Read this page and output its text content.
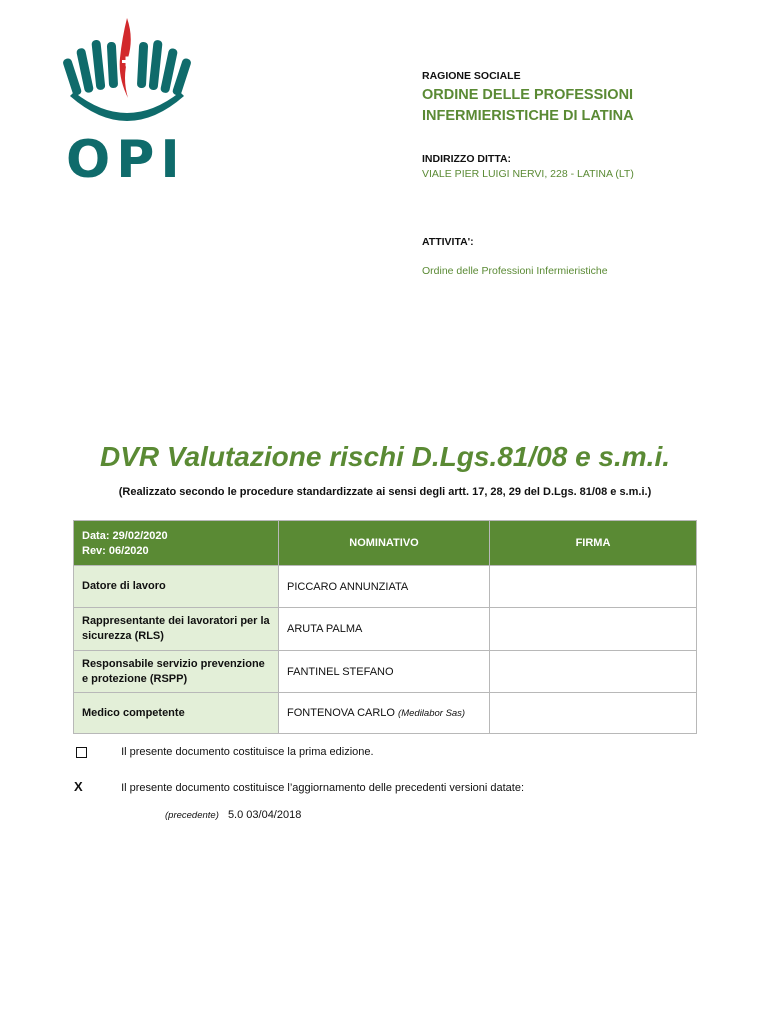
OPI
RAGIONE SOCIALE
ORDINE DELLE PROFESSIONI
INFERMIERISTICHE DI LATINA
INDIRIZZO DITTA:
VIALE PIER LUIGI NERVI, 228 - LATINA (LT)
ATTIVITA':
Ordine delle Professioni Infermieristiche
DVR Valutazione rischi D.Lgs.81/08 e s.m.i.
(Realizzato secondo le procedure standardizzate ai sensi degli artt. 17, 28, 29 del D.Lgs. 81/08 e s.m.i.)
Data: 29/02/2020
Rev: 06/2020	NOMINATIVO	FIRMA
Datore di lavoro	PICCARO ANNUNZIATA	
Rappresentante dei lavoratori per la sicurezza (RLS)	ARUTA PALMA	
Responsabile servizio prevenzione e protezione (RSPP)	FANTINEL STEFANO	
Medico competente	FONTENOVA CARLO (Medilabor Sas)	
Il presente documento costituisce la prima edizione.
X	Il presente documento costituisce l’aggiornamento delle precedenti versioni datate:
(precedente) 5.0 03/04/2018
